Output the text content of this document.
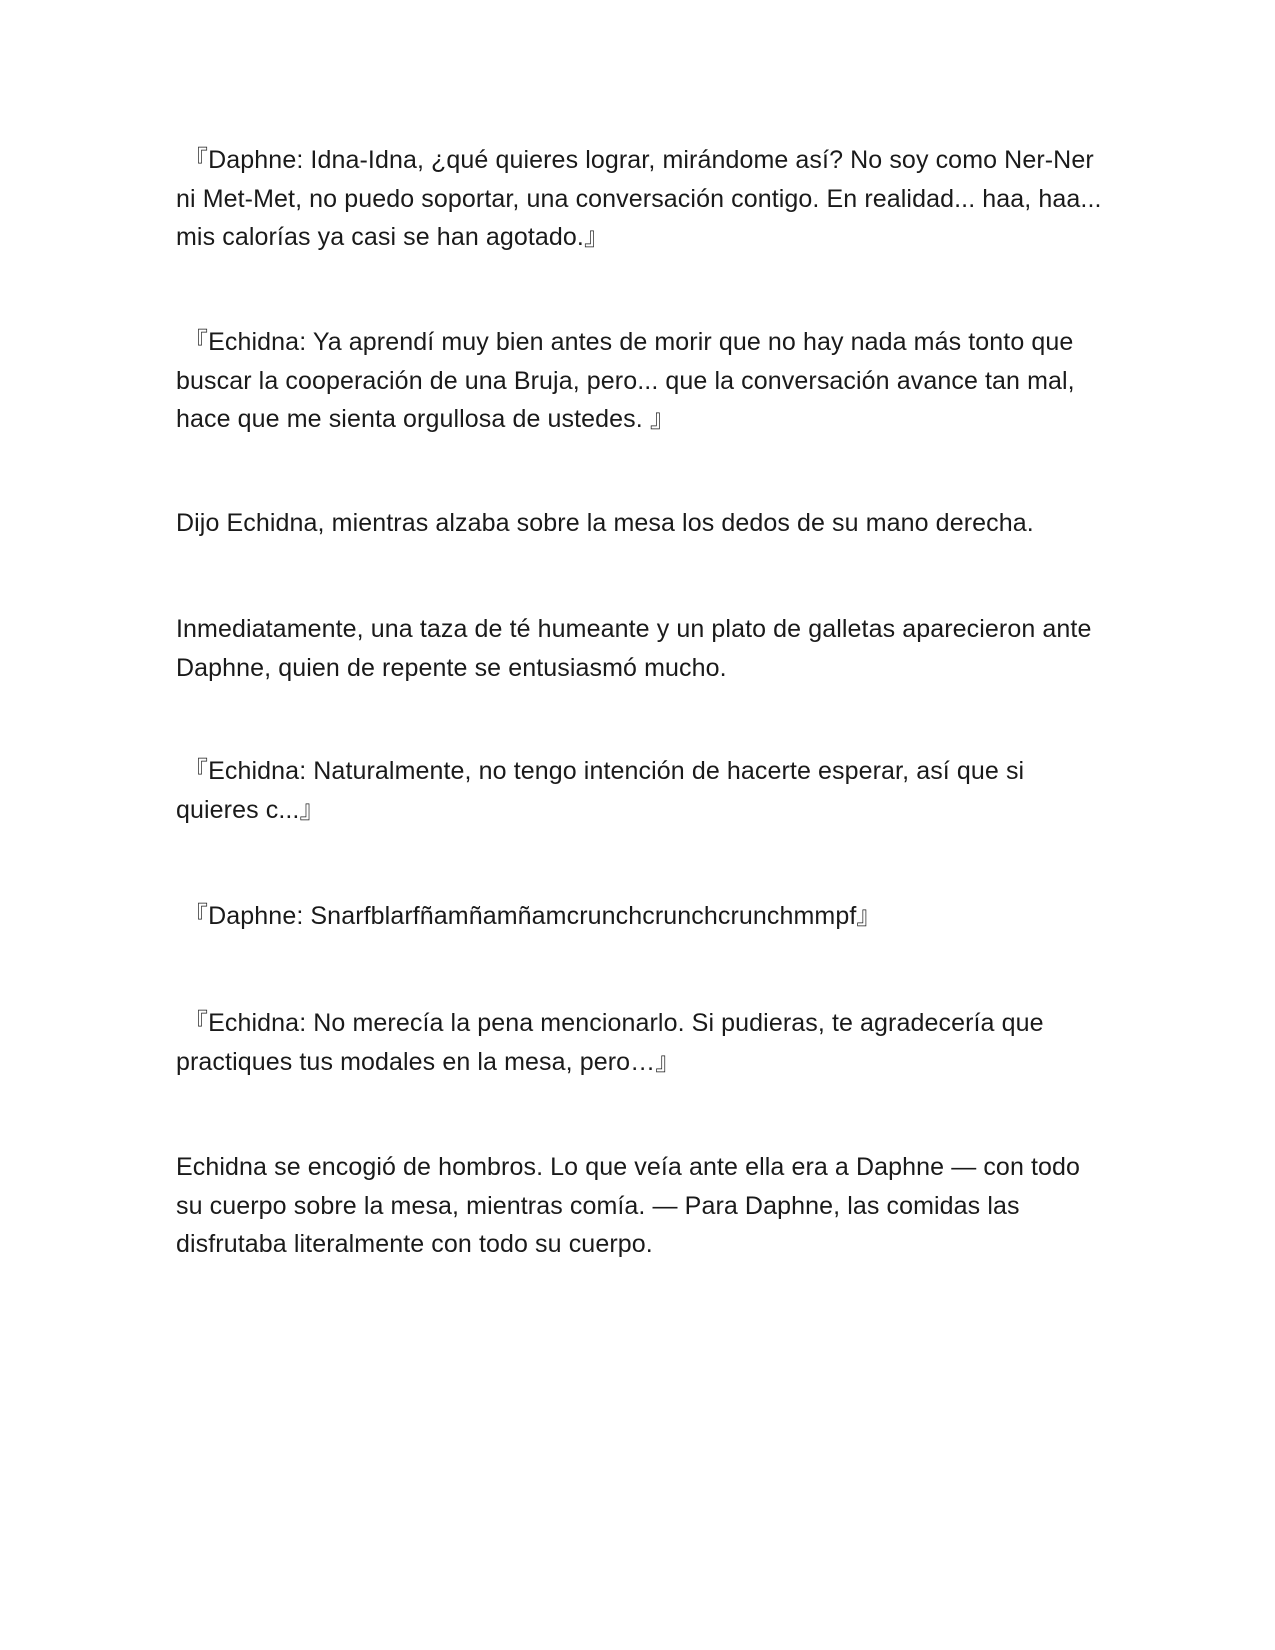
『Daphne: Idna-Idna, ¿qué quieres lograr, mirándome así? No soy como Ner-Ner ni Met-Met, no puedo soportar, una conversación contigo. En realidad... haa, haa... mis calorías ya casi se han agotado.』

『Echidna: Ya aprendí muy bien antes de morir que no hay nada más tonto que buscar la cooperación de una Bruja, pero... que la conversación avance tan mal, hace que me sienta orgullosa de ustedes. 』

Dijo Echidna, mientras alzaba sobre la mesa los dedos de su mano derecha.

Inmediatamente, una taza de té humeante y un plato de galletas aparecieron ante Daphne, quien de repente se entusiasmó mucho.

『Echidna: Naturalmente, no tengo intención de hacerte esperar, así que si quieres c...』

『Daphne: Snarfblarfñamñamñamcrunchcrunchcrunchmmpf』

『Echidna: No merecía la pena mencionarlo. Si pudieras, te agradecería que practiques tus modales en la mesa, pero…』

Echidna se encogió de hombros. Lo que veía ante ella era a Daphne — con todo su cuerpo sobre la mesa, mientras comía. — Para Daphne, las comidas las disfrutaba literalmente con todo su cuerpo.
